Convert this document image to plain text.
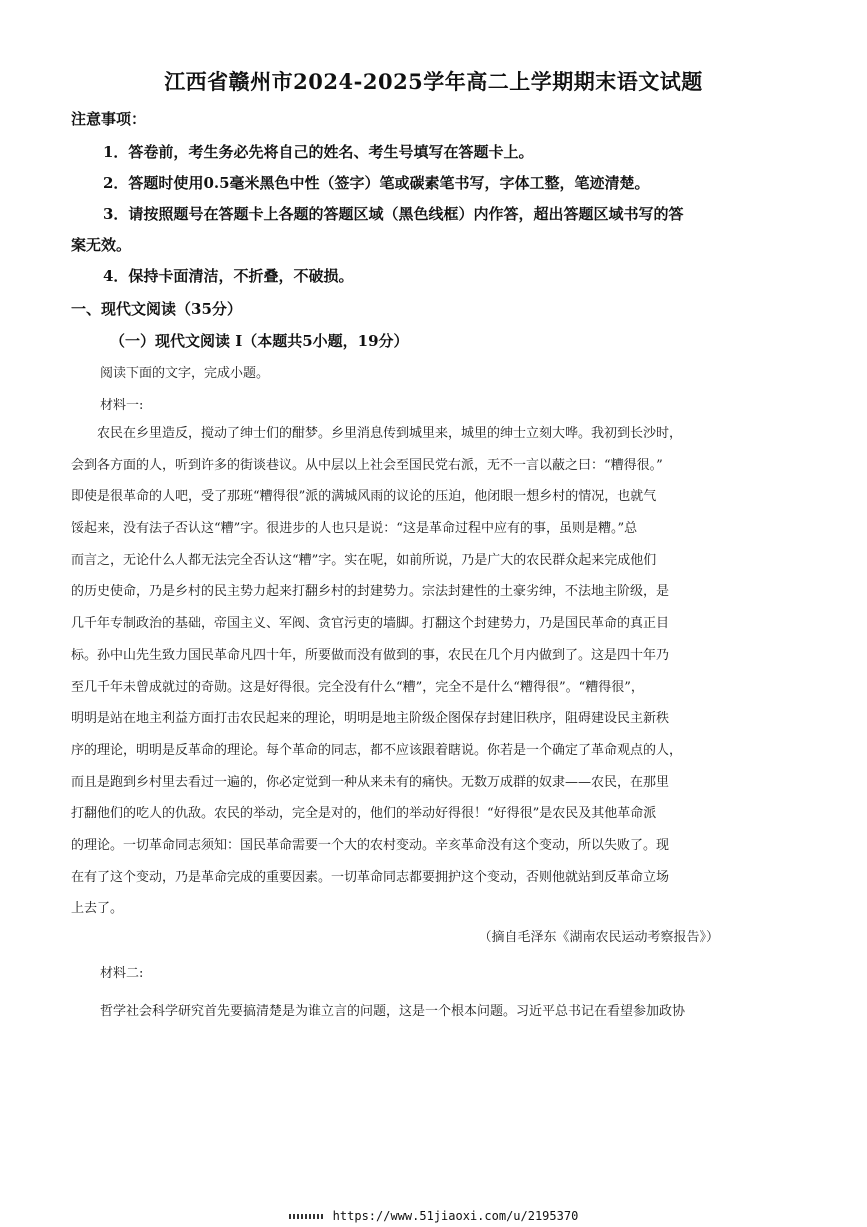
江西省赣州市2024-2025学年高二上学期期末语文试题
注意事项：
1．答卷前，考生务必先将自己的姓名、考生号填写在答题卡上。
2．答题时使用0.5毫米黑色中性（签字）笔或碳素笔书写，字体工整，笔迹清楚。
3．请按照题号在答题卡上各题的答题区域（黑色线框）内作答，超出答题区域书写的答
案无效。
4．保持卡面清洁，不折叠，不破损。
一、现代文阅读（35分）
（一）现代文阅读 I（本题共5小题，19分）
阅读下面的文字，完成小题。
材料一:
农民在乡里造反，搅动了绅士们的酣梦。乡里消息传到城里来，城里的绅士立刻大哗。我初到长沙时，
会到各方面的人，听到许多的街谈巷议。从中层以上社会至国民党右派，无不一言以蔽之曰：“糟得很。”
即使是很革命的人吧，受了那班“糟得很”派的满城风雨的议论的压迫，他闭眼一想乡村的情况，也就气
馁起来，没有法子否认这“糟”字。很进步的人也只是说：“这是革命过程中应有的事，虽则是糟。”总
而言之，无论什么人都无法完全否认这“糟”字。实在呢，如前所说，乃是广大的农民群众起来完成他们
的历史使命，乃是乡村的民主势力起来打翻乡村的封建势力。宗法封建性的土豪劣绅，不法地主阶级，是
几千年专制政治的基础，帝国主义、军阀、贪官污吏的墙脚。打翻这个封建势力，乃是国民革命的真正目
标。孙中山先生致力国民革命凡四十年，所要做而没有做到的事，农民在几个月内做到了。这是四十年乃
至几千年未曾成就过的奇勋。这是好得很。完全没有什么“糟”，完全不是什么“糟得很”。“糟得很”，
明明是站在地主利益方面打击农民起来的理论，明明是地主阶级企图保存封建旧秩序，阻碍建设民主新秩
序的理论，明明是反革命的理论。每个革命的同志，都不应该跟着瞎说。你若是一个确定了革命观点的人，
而且是跑到乡村里去看过一遍的，你必定觉到一种从来未有的痛快。无数万成群的奴隶——农民，在那里
打翻他们的吃人的仇敌。农民的举动，完全是对的，他们的举动好得很！“好得很”是农民及其他革命派
的理论。一切革命同志须知：国民革命需要一个大的农村变动。辛亥革命没有这个变动，所以失败了。现
在有了这个变动，乃是革命完成的重要因素。一切革命同志都要拥护这个变动，否则他就站到反革命立场
上去了。
（摘自毛泽东《湖南农民运动考察报告》）
材料二:
哲学社会科学研究首先要搞清楚是为谁立言的问题，这是一个根本问题。习近平总书记在看望参加政协
https://www.51jiaoxi.com/u/2195370
